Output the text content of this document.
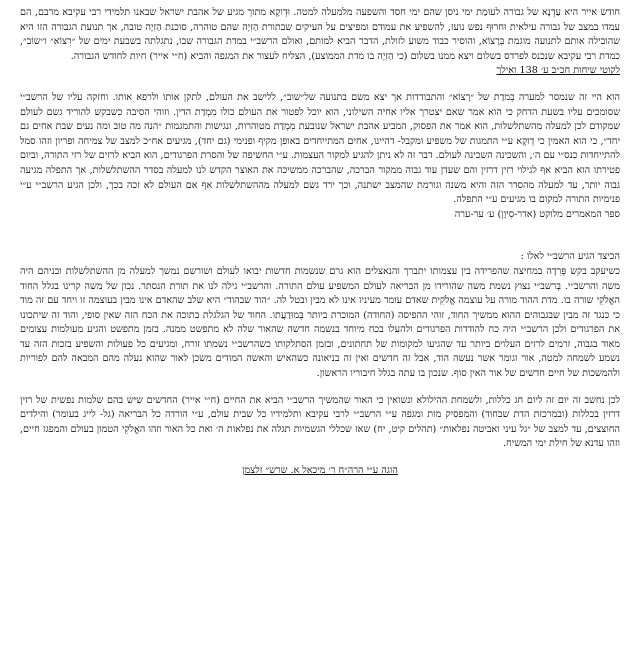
חודש אייר היא עַדְנָא של גבורה לעוּמַת ימי ניסן שהם ימי חסד והשפעה מלמעלה למטה. וּדְוקָא מתוך מגיע של אהבת ישראל שבאנו תלמידי רבי עקיבא מרבם, הם עמדו במצב של גבורה עילאית וּחרוּף נפש נועז, להשפיע את עמודם ומפיצים על העיקים שבתורת הַזִיָה שהם טוהרה, סוכנת הַזִיָה טובה, אך תנועת הגבורה הזו היא שהובילה אותם לתנועה מוגמת בְּרָצוֹא, והוסיר כבוד משוע לזולת, הדבר הביא למותם, ואולם הרשב״י במדת הגבורה שבו, נתגלתה בשבעת ימים של ״רִצוֹא״ ו״שוֹב״, כמדת רבי עקיבא שנכנס לפרדס בשלום ויצא ממנו בשלום (כי הַזִיָה בו מדת הממוצע), הצליח לעצור את המגפה והביא (ח״י אייר) חיות לחודש הגבורה.

לקוטי שיחות חכ״ב ע׳ 138 ואילך

הוא היי זה שנמסר למערה בְּמדַת של ״רָצוֹא״ והתבודדות אך יצא משם בתנועה של״שוב״, ללישב את העולם, לתקן אותו ולרפא אותו. וחזקה עליו של הרשב״י שסומכים עליו בשעת הדחק כי הוא אמר שאם יצטרך אליו אחיה השילוני, הוא יוכל לפטור את העולם כולו מִמְדַת הדין. וזוהי הסיבה כשבקש להוריד גשם לעולם שמקודם לכן למעלה מהשתלשלות, הוא אמר את הפסוק, המביע אהבת ישראל שנובעת מִמְדַת מטוהרות, ונגישות והתמגמות ״הנה מה טוב ומה נעים שבת אחים גם יחד״, כי הוא האמין כי דְוקָא ע״י התמגות של משפיע ומקבל- דהיינו, אחים המתייחדים באופן מקיף ופנימי (גם יחד), מגיעים אח״כ למצב של צמיחה ופריון וזהו סמל להתייחדות כנס״י עם ה׳, והשכינה השכינה לעולם. דבר זה לא ניתן להגיע למקור העצמות. ע״י החשיפה של והסרת הפרגודים, הוא הביא לרזים של רזי התורה, וביום פטירתו הוא הביא אף לגילוי רזין דרזין והם שעדן עוד גבוה ממקור הברכה, שהברכה ממשיכה את האוצר הקדש לנו למעלה בסדר ההשתלשלות, אך התפלה מגיעה גבוה יותר, עד למעלה מהסדר הזה והיא משנה וגורמת שהמצב ישתנה, וכך ירד גשם למעלה מההשתלשלות אף אם העולם לא זכה בכך, ולכן הגיע הרשב״י ע״י פנימיות התורה למקום בו מגיעים ע״י התפלה.

ספר המאמרים מלוקט (אדר-סִיוָן) ע׳ ער-ערה

הכיצד הגיע הרשב״י לאלו :

כשיעקב בקש פְּרִדָה במחיצה שהפרידה בין עצמותו יתברך והנאצלים הוא גרם שנשמות חדשות יבואו לעולם ושורשם נמשך למעלה מן ההשתלשלות ובניהם היה משה והרשב״י. בְּרשב״י נצוץ נשמת משה שהורידו מן הבריאה לעולם המשפיע עולם התורה. והרשב״י גילה לנו את תורת הנסתר. נכון של משה קרינו בגלל החוד האֱלֹקִי שורה בו. מדת ההוד מורה על עוצמה אֱלֹקִית שאדם עומד מעיניו אינו לא מבין ובטל לה. ״הוד שבהוד״ היא שלב שהאדם אינו מבין בעוצמה זו ויחד עם זה מוד כי כנגד זה מבין שבגבוהים ההוא ממשיך החוד, זוהי ההפיסה (החודה) המוכרת ביותר בְּמוּדַעֲתו. החוד של הגלגלת בתוכה את הכח הזה שאין סופי, והוד זה שיתכונו את הפרגודים ולכן הרשב״י היה כח להודדות הפרגודים ולהעלו בכח מיוחד בנשמה חדשה שהאור שלה לא מתפשט ממנה. בזמן מתפשט והגיע מעולמות עצומים מאוד בגבוה, זרמים לרזים העלוים ביותר עד שהגיעו למקומות של תחתונים, ובזמן הסתלקותו כשהרשב״י נשמתו זורח, ומגיעים כל פעולות והשפיע בזכות הזה עד נשמע לשמחה למטה, אור וגומר אשר נעשה הוד, אבל זה חדשים ואין זה בניאונה כשהאיש והאשה המודים משכן לאור שהוא נעלה מהם המבאה להם לפוריות ולהמשכות של חיים חדשים של אור האין סוף. שנכון בו עתה בגלל חיבוריו הראשון.

לכן נחשב זה יום זה ליום חג כללות, ולשמחת ההילולא ונשואין כי האור שהמשיך הרשב״י הביא את החיים (ח״י אייר) החדשים שיש בהם שלמות נפשית של רזין דרזין בכללות (ובמרכזת הדת שבחוד) והמפסיק מות ומגפה ע״י הרשב״י לרבי עקיבא ותלמידיו כל שבית עולם, ע״י הורדה כל הבריאה (גל- לייג בעומר) והילדים החוצצים, עד למצב של ״גל עיני ואביטה נפלאות״ (תהלים קיט, יח) שאז שכללי הגשמיות תגלה את נפלאות ה׳ ואת כל האור וזהו האֱלֹקִי הטמון בעולם והמפגז חיים, וזהו עדנא של חילת ימי המשיח.

הוגה ע״י הרה״ח ר׳ מיכאל א. שרש״ זלצמן
